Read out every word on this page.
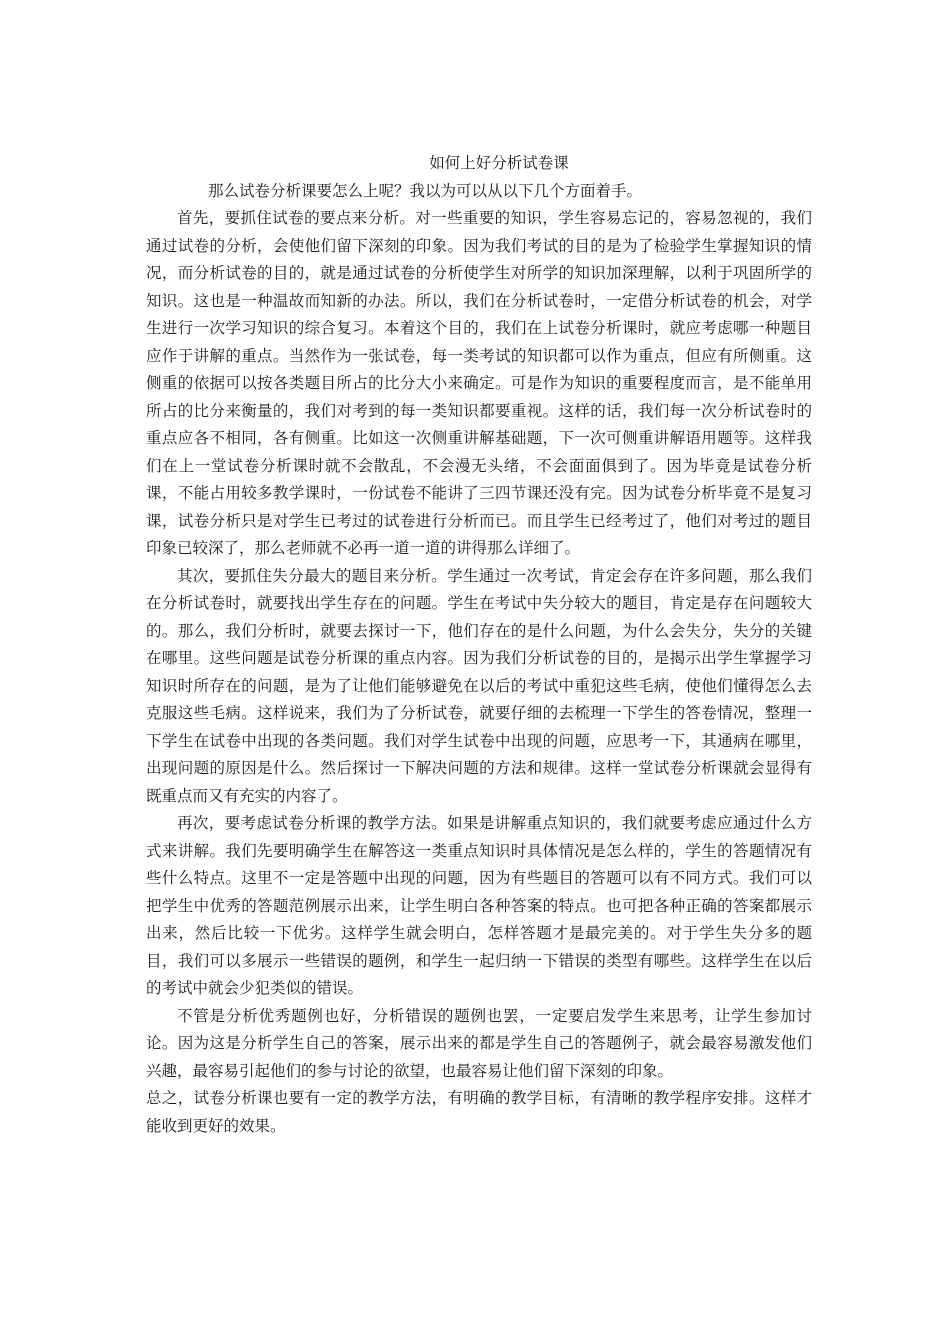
如何上好分析试卷课

那么试卷分析课要怎么上呢？我以为可以从以下几个方面着手。

首先，要抓住试卷的要点来分析。对一些重要的知识，学生容易忘记的，容易忽视的，我们通过试卷的分析，会使他们留下深刻的印象。因为我们考试的目的是为了检验学生掌握知识的情况，而分析试卷的目的，就是通过试卷的分析使学生对所学的知识加深理解，以利于巩固所学的知识。这也是一种温故而知新的办法。所以，我们在分析试卷时，一定借分析试卷的机会，对学生进行一次学习知识的综合复习。本着这个目的，我们在上试卷分析课时，就应考虑哪一种题目应作于讲解的重点。当然作为一张试卷，每一类考试的知识都可以作为重点，但应有所侧重。这侧重的依据可以按各类题目所占的比分大小来确定。可是作为知识的重要程度而言，是不能单用所占的比分来衡量的，我们对考到的每一类知识都要重视。这样的话，我们每一次分析试卷时的重点应各不相同，各有侧重。比如这一次侧重讲解基础题，下一次可侧重讲解语用题等。这样我们在上一堂试卷分析课时就不会散乱，不会漫无头绪，不会面面俱到了。因为毕竟是试卷分析课，不能占用较多教学课时，一份试卷不能讲了三四节课还没有完。因为试卷分析毕竟不是复习课，试卷分析只是对学生已考过的试卷进行分析而已。而且学生已经考过了，他们对考过的题目印象已较深了，那么老师就不必再一道一道的讲得那么详细了。

其次，要抓住失分最大的题目来分析。学生通过一次考试，肯定会存在许多问题，那么我们在分析试卷时，就要找出学生存在的问题。学生在考试中失分较大的题目，肯定是存在问题较大的。那么，我们分析时，就要去探讨一下，他们存在的是什么问题，为什么会失分，失分的关键在哪里。这些问题是试卷分析课的重点内容。因为我们分析试卷的目的，是揭示出学生掌握学习知识时所存在的问题，是为了让他们能够避免在以后的考试中重犯这些毛病，使他们懂得怎么去克服这些毛病。这样说来，我们为了分析试卷，就要仔细的去梳理一下学生的答卷情况，整理一下学生在试卷中出现的各类问题。我们对学生试卷中出现的问题，应思考一下，其通病在哪里，出现问题的原因是什么。然后探讨一下解决问题的方法和规律。这样一堂试卷分析课就会显得有既重点而又有充实的内容了。

再次，要考虑试卷分析课的教学方法。如果是讲解重点知识的，我们就要考虑应通过什么方式来讲解。我们先要明确学生在解答这一类重点知识时具体情况是怎么样的，学生的答题情况有些什么特点。这里不一定是答题中出现的问题，因为有些题目的答题可以有不同方式。我们可以把学生中优秀的答题范例展示出来，让学生明白各种答案的特点。也可把各种正确的答案都展示出来，然后比较一下优劣。这样学生就会明白，怎样答题才是最完美的。对于学生失分多的题目，我们可以多展示一些错误的题例，和学生一起归纳一下错误的类型有哪些。这样学生在以后的考试中就会少犯类似的错误。

不管是分析优秀题例也好，分析错误的题例也罢，一定要启发学生来思考，让学生参加讨论。因为这是分析学生自己的答案，展示出来的都是学生自己的答题例子，就会最容易激发他们兴趣，最容易引起他们的参与讨论的欲望，也最容易让他们留下深刻的印象。

总之，试卷分析课也要有一定的教学方法，有明确的教学目标，有清晰的教学程序安排。这样才能收到更好的效果。
